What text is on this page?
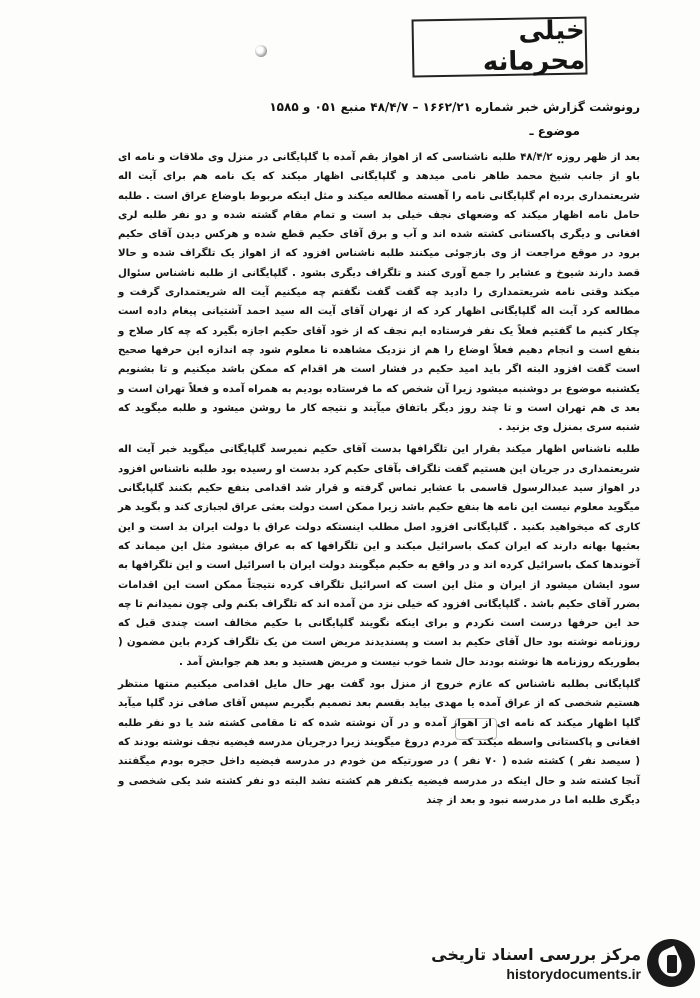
خیلی محرمانه
رونوشت گزارش خبر شماره ۱۶۶۲/۲۱ – ۴۸/۴/۷ منبع ۰۵۱ و ۱۵۸۵
موضوع ـ

بعد از ظهر روزه ۴۸/۴/۲ طلبه ناشناسی که از اهواز بقم آمده با گلپایگانی در منزل وی ملاقات و نامه ای باو از جانب شیخ محمد طاهر نامی میدهد و گلپایگانی اظهار میکند که یک نامه هم برای آیت اله شریعتمداری برده ام گلپایگانی نامه را آهسته مطالعه میکند و مثل اینکه مربوط باوضاع عراق است . طلبه حامل نامه اظهار میکند که وضعهای نجف خیلی بد است و تمام مقام گشته شده و دو نفر طلبه لری افغانی و دیگری پاکستانی کشته شده اند و آب و برق آقای حکیم قطع شده و هرکس دیدن آقای حکیم برود در موقع مراجعت از وی بازجوئی میکنند طلبه ناشناس افزود که از اهواز یک تلگراف شده و حالا قصد دارند شیوخ و عشایر را جمع آوری کنند و تلگراف دیگری بشود . گلپایگانی از طلبه ناشناس سئوال میکند وقتی نامه شریعتمداری را دادید چه گفت گفت نگفتم چه میکنیم آیت اله شریعتمداری گرفت و مطالعه کرد آیت اله گلپایگانی اظهار کرد که از تهران آقای آیت اله سید احمد آشتیانی پیغام داده است چکار کنیم ما گفتیم فعلاً یک نفر فرستاده ایم نجف که از خود آقای حکیم اجازه بگیرد که چه کار صلاح و بنفع است و انجام دهیم فعلاً اوضاع را هم از نزدیک مشاهده تا معلوم شود چه اندازه این حرفها صحیح است گفت افزود البته اگر باید امید حکیم در فشار است هر اقدام که ممکن باشد میکنیم و تا بشنویم یکشنبه موضوع بر دوشنبه میشود زیرا آن شخص که ما فرستاده بودیم به همراه آمده و فعلاً تهران است و بعد ی هم تهران است و تا چند روز دیگر باتفاق میآیند و نتیجه کار ما روشن میشود و طلبه میگوید که شنبه سری بمنزل وی بزنید .

طلبه ناشناس اظهار میکند بقرار این تلگرافها بدست آقای حکیم نمیرسد گلپایگانی میگوید خبر آیت اله شریعتمداری در جریان این هستیم گفت تلگراف بآقای حکیم کرد بدست او رسیده بود طلبه ناشناس افزود در اهواز سید عبدالرسول قاسمی با عشایر تماس گرفته و قرار شد اقدامی بنفع حکیم بکنند گلپایگانی میگوید معلوم نیست این نامه ها بنفع حکیم باشد زیرا ممکن است دولت بعثی عراق لجبازی کند و بگوید هر کاری که میخواهید بکنید . گلپایگانی افزود اصل مطلب اینستکه دولت عراق با دولت ایران بد است و این بعثیها بهانه دارند که ایران کمک باسرائیل میکند و این تلگرافها که به عراق میشود مثل این میماند که آخوندها کمک باسرائیل کرده اند و در واقع به حکیم میگویند دولت ایران با اسرائیل است و این تلگرافها به سود ایشان میشود از ایران و مثل این است که اسرائیل تلگراف کرده نتیجتاً ممکن است این اقدامات بضرر آقای حکیم باشد . گلپایگانی افزود که خیلی نزد من آمده اند که تلگراف بکنم ولی چون نمیدانم تا چه حد این حرفها درست است نکردم و برای اینکه نگویند گلپایگانی با حکیم مخالف است چندی قبل که روزنامه نوشته بود حال آقای حکیم بد است و پسندیدند مریض است من یک تلگراف کردم باین مضمون ( بطوریکه روزنامه ها نوشته بودند حال شما خوب نیست و مریض هستید و بعد هم جوابش آمد .

گلپایگانی بطلبه ناشناس که عازم خروج از منزل بود گفت بهر حال مایل اقدامی میکنیم منتها منتظر هستیم شخصی که از عراق آمده یا مهدی بیاید بقسم بعد تصمیم بگیریم سپس آقای صافی نزد گلپا میآید گلپا اظهار میکند که نامه ای از اهواز آمده و در آن نوشته شده که تا مقامی کشته شد یا دو نفر طلبه افغانی و پاکستانی واسطه میکند که مردم دروغ میگویند زیرا درجریان مدرسه فیضیه نجف نوشته بودند که ( سیصد نفر ) کشته شده ( ۷۰ نفر ) در صورتیکه من خودم در مدرسه فیضیه داخل حجره بودم میگفتند آنجا کشته شد و حال اینکه در مدرسه فیضیه یکنفر هم کشته نشد البته دو نفر کشته شد یکی شخصی و دیگری طلبه اما در مدرسه نبود و بعد از چند

مرکز بررسی اسناد تاریخی
historydocuments.ir
